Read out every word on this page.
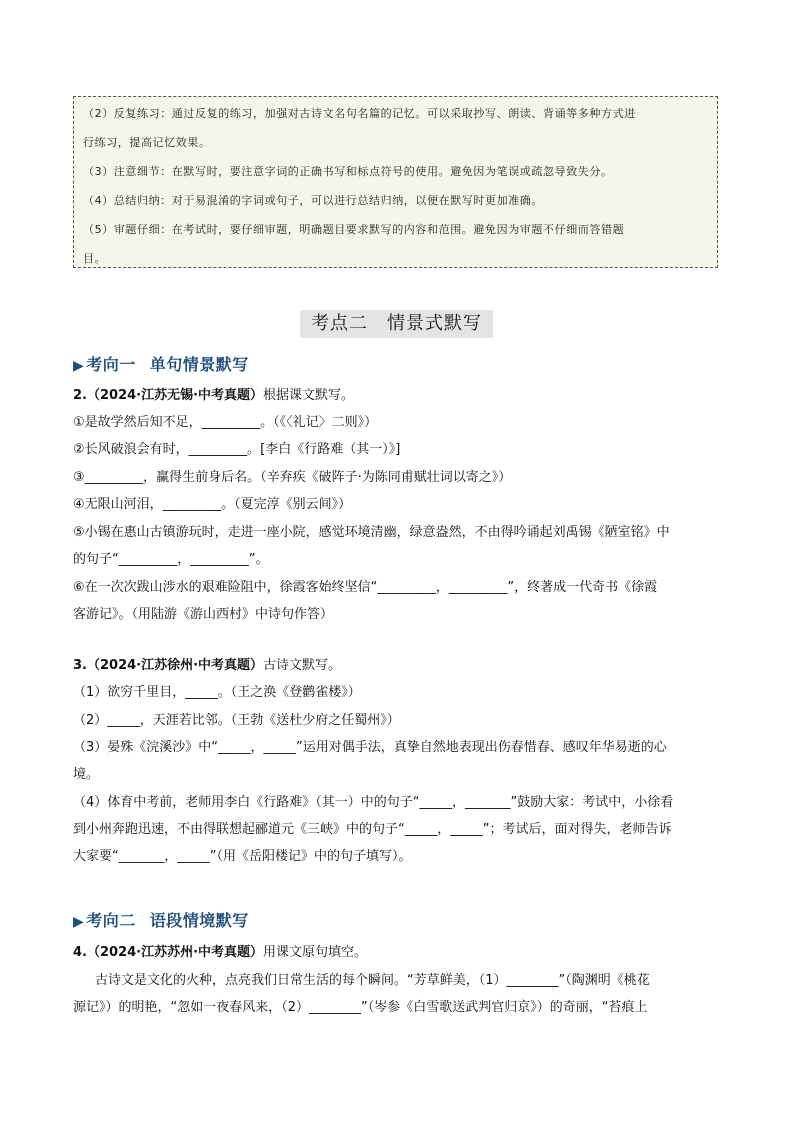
（2）反复练习：通过反复的练习，加强对古诗文名句名篇的记忆。可以采取抄写、朗读、背诵等多种方式进
行练习，提高记忆效果。
（3）注意细节：在默写时，要注意字词的正确书写和标点符号的使用。避免因为笔误或疏忽导致失分。
（4）总结归纳：对于易混淆的字词或句子，可以进行总结归纳，以便在默写时更加准确。
（5）审题仔细：在考试时，要仔细审题，明确题目要求默写的内容和范围。避免因为审题不仔细而答错题
目。
考点二　情景式默写
▶ 考向一 单句情景默写
2.（2024·江苏无锡·中考真题）根据课文默写。
①是故学然后知不足，_________。（《〈礼记〉二则》）
②长风破浪会有时，_________。[李白《行路难（其一）》]
③_________，赢得生前身后名。（辛弃疾《破阵子·为陈同甫赋壮词以寄之》）
④无限山河泪，_________。（夏完淳《别云间》）
⑤小锡在惠山古镇游玩时，走进一座小院，感觉环境清幽，绿意盎然，不由得吟诵起刘禹锡《陋室铭》中
的句子“_________，_________”。
⑥在一次次跋山涉水的艰难险阻中，徐霞客始终坚信“_________，_________”，终著成一代奇书《徐霞
客游记》。（用陆游《游山西村》中诗句作答）
3.（2024·江苏徐州·中考真题）古诗文默写。
（1）欲穷千里目，_____。（王之涣《登鹳雀楼》）
（2）_____，天涯若比邻。（王勃《送杜少府之任蜀州》）
（3）晏殊《浣溪沙》中“_____，_____”运用对偶手法，真挚自然地表现出伤春惜春、感叹年华易逝的心
境。
（4）体育中考前，老师用李白《行路难》（其一）中的句子“_____，_______”鼓励大家：考试中，小徐看
到小州奔跑迅速，不由得联想起郦道元《三峡》中的句子“_____，_____”；考试后，面对得失，老师告诉
大家要“_______，_____”（用《岳阳楼记》中的句子填写）。
▶ 考向二 语段情境默写
4.（2024·江苏苏州·中考真题）用课文原句填空。
古诗文是文化的火种，点亮我们日常生活的每个瞬间。“芳草鲜美，（1）________”（陶渊明《桃花
源记》）的明艳，“忽如一夜春风来，（2）________”（岑参《白雪歌送武判官归京》）的奇丽，“苔痕上
